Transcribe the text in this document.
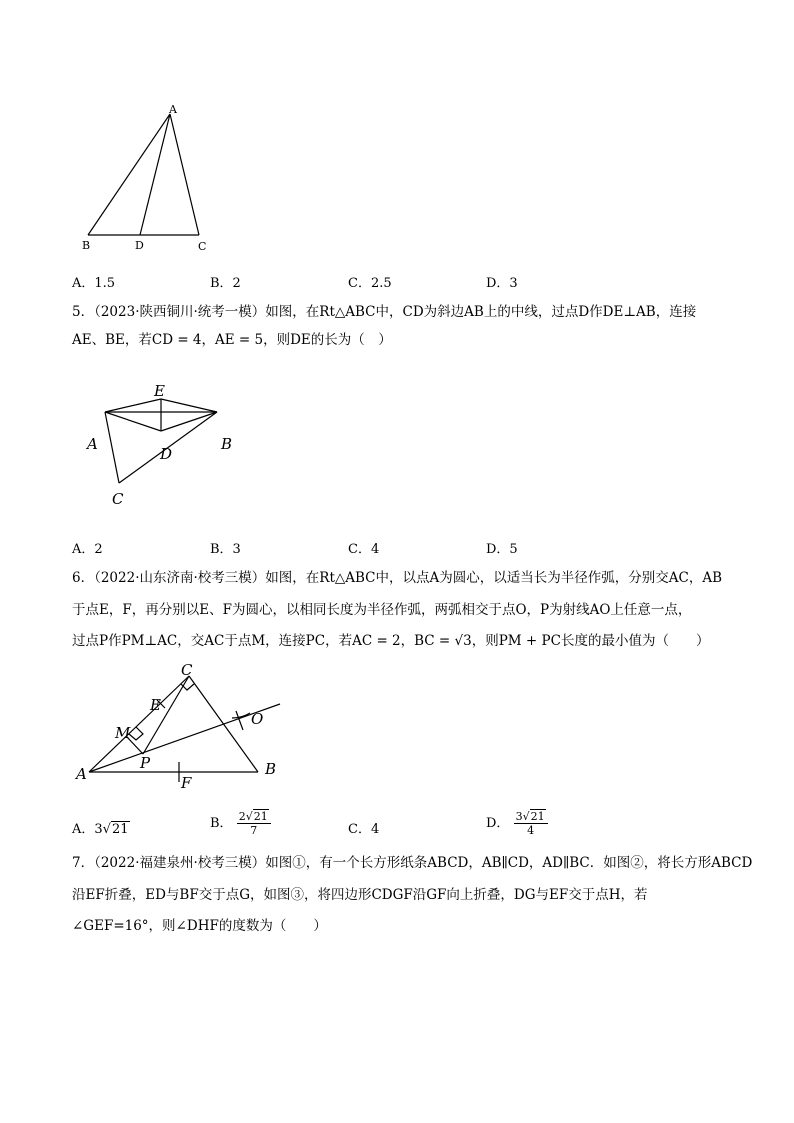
A
B	D	C
A．1.5	B．2	C．2.5	D．3
5．（2023·陕西铜川·统考一模）如图，在Rt△ABC中，CD为斜边AB上的中线，过点D作DE⊥AB，连接
AE、BE，若CD = 4，AE = 5，则DE的长为（　）
E
A	B
D
C
A．2	B．3	C．4	D．5
6．（2022·山东济南·校考三模）如图，在Rt△ABC中，以点A为圆心，以适当长为半径作弧，分别交AC，AB
于点E，F，再分别以E、F为圆心，以相同长度为半径作弧，两弧相交于点O，P为射线AO上任意一点，
过点P作PM⊥AC，交AC于点M，连接PC，若AC = 2，BC = √3，则PM + PC长度的最小值为（　　）
C
E
M
O
P
A	B
F
A．3√21	B． $\frac{2√21}{7}$	C．4	D． $\frac{3√21}{4}$
7．（2022·福建泉州·校考三模）如图①，有一个长方形纸条ABCD，AB∥CD，AD∥BC．如图②，将长方形ABCD
沿EF折叠，ED与BF交于点G，如图③，将四边形CDGF沿GF向上折叠，DG与EF交于点H，若
∠GEF=16°，则∠DHF的度数为（　　）
